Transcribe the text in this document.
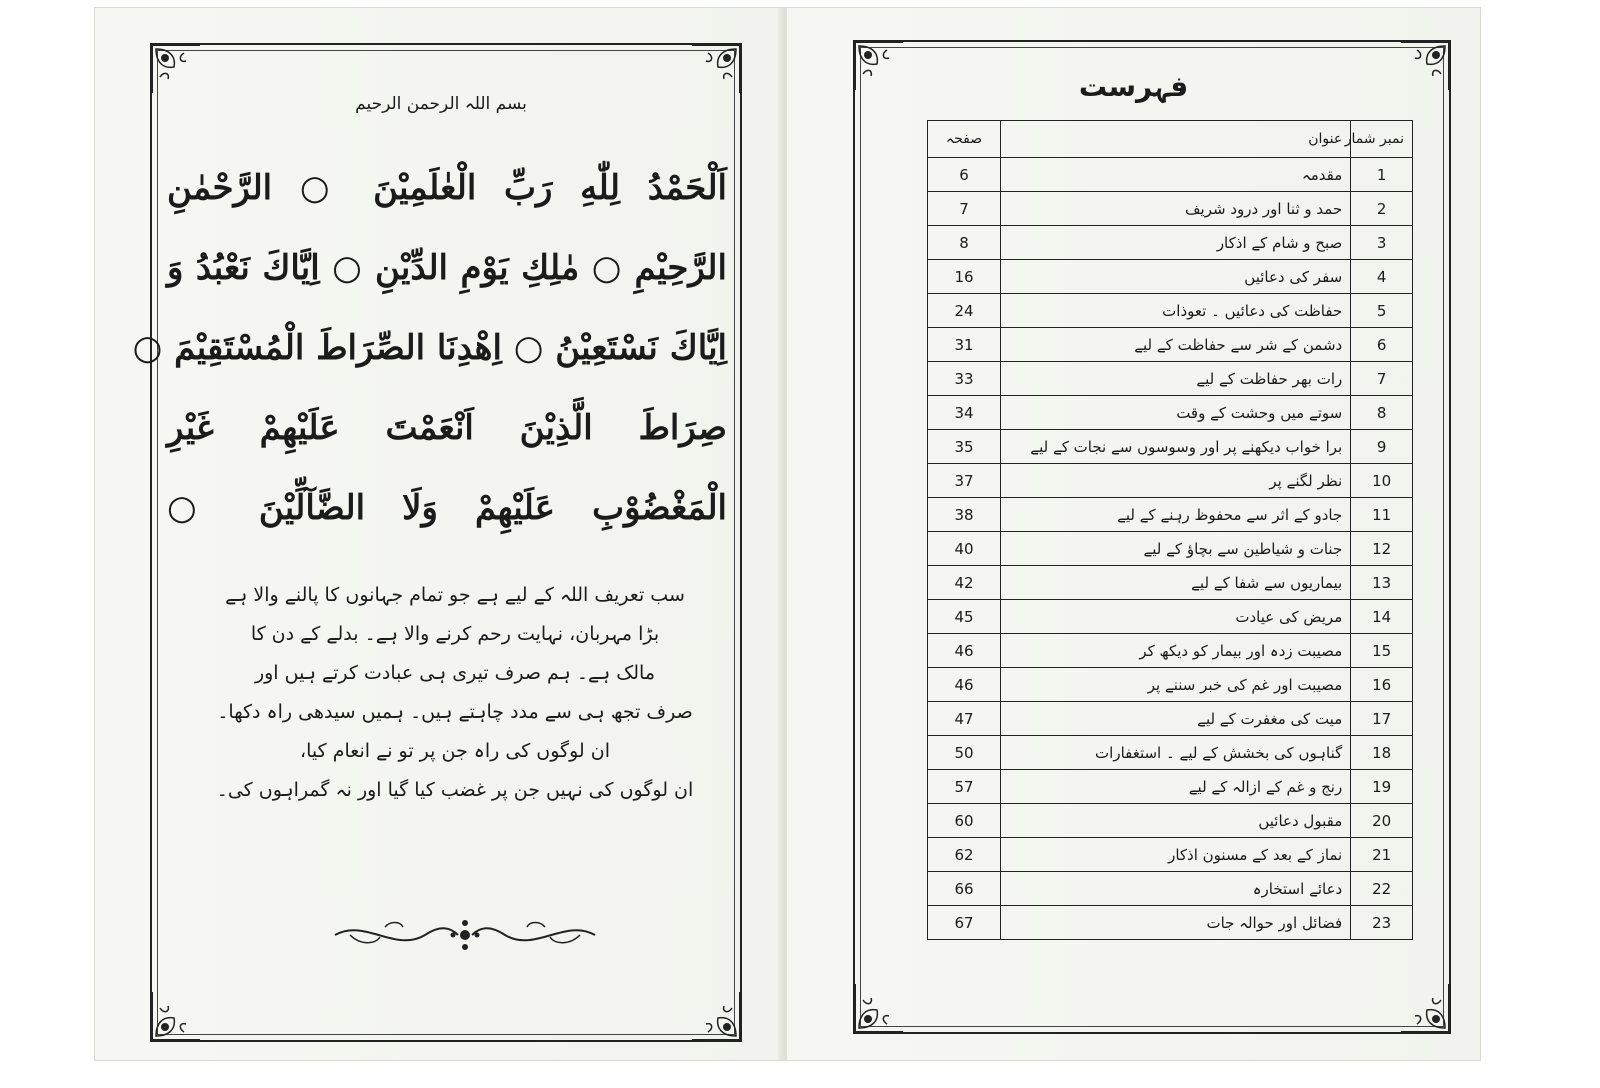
بسم اللہ الرحمن الرحیم
اَلْحَمْدُ لِلّٰهِ رَبِّ الْعٰلَمِيْنَ ○ الرَّحْمٰنِ
الرَّحِيْمِ ○ مٰلِكِ يَوْمِ الدِّيْنِ ○ اِيَّاكَ نَعْبُدُ وَ
اِيَّاكَ نَسْتَعِيْنُ ○ اِهْدِنَا الصِّرَاطَ الْمُسْتَقِيْمَ ○
صِرَاطَ الَّذِيْنَ اَنْعَمْتَ عَلَيْهِمْ غَيْرِ
الْمَغْضُوْبِ عَلَيْهِمْ وَلَا الضَّآلِّيْنَ ○
سب تعریف اللہ کے لیے ہے جو تمام جہانوں کا پالنے والا ہے
بڑا مہربان، نہایت رحم کرنے والا ہے۔ بدلے کے دن کا
مالک ہے۔ ہم صرف تیری ہی عبادت کرتے ہیں اور
صرف تجھ ہی سے مدد چاہتے ہیں۔ ہمیں سیدھی راہ دکھا۔
ان لوگوں کی راہ جن پر تو نے انعام کیا،
ان لوگوں کی نہیں جن پر غضب کیا گیا اور نہ گمراہوں کی۔
فہرست
صفحہ	عنوان	نمبر شمار
6	مقدمہ	1
7	حمد و ثنا اور درود شریف	2
8	صبح و شام کے اذکار	3
16	سفر کی دعائیں	4
24	حفاظت کی دعائیں ۔ تعوذات	5
31	دشمن کے شر سے حفاظت کے لیے	6
33	رات بھر حفاظت کے لیے	7
34	سوتے میں وحشت کے وقت	8
35	برا خواب دیکھنے پر اور وسوسوں سے نجات کے لیے	9
37	نظر لگنے پر	10
38	جادو کے اثر سے محفوظ رہنے کے لیے	11
40	جنات و شیاطین سے بچاؤ کے لیے	12
42	بیماریوں سے شفا کے لیے	13
45	مریض کی عیادت	14
46	مصیبت زدہ اور بیمار کو دیکھ کر	15
46	مصیبت اور غم کی خبر سننے پر	16
47	میت کی مغفرت کے لیے	17
50	گناہوں کی بخشش کے لیے ۔ استغفارات	18
57	رنج و غم کے ازالہ کے لیے	19
60	مقبول دعائیں	20
62	نماز کے بعد کے مسنون اذکار	21
66	دعائے استخارہ	22
67	فضائل اور حوالہ جات	23
